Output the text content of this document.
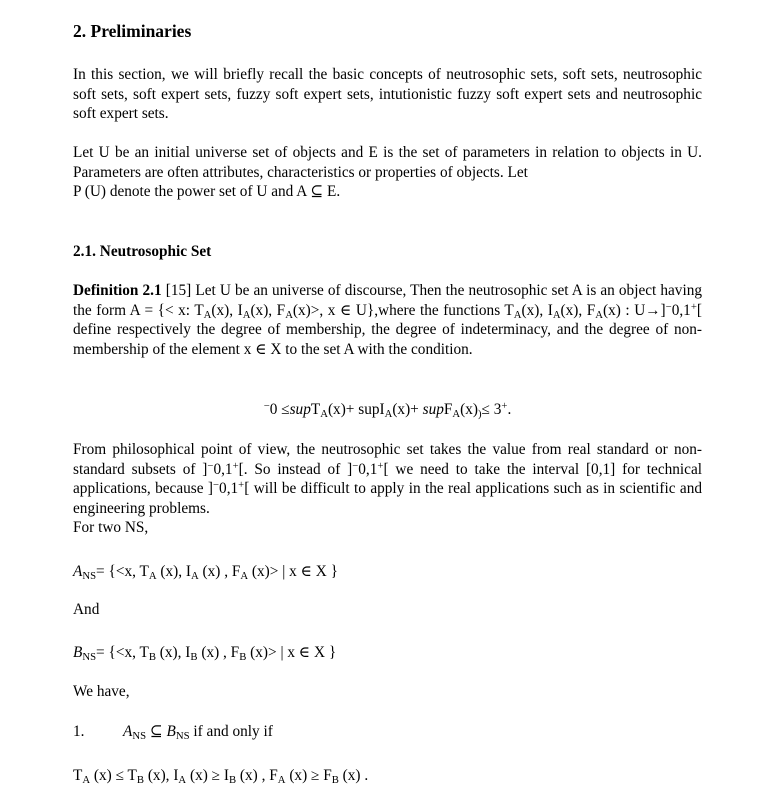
2. Preliminaries

In this section, we will briefly recall the basic concepts of neutrosophic sets, soft sets, neutrosophic soft sets, soft expert sets, fuzzy soft expert sets, intutionistic fuzzy soft expert sets and neutrosophic soft expert sets.

Let U be an initial universe set of objects and E is the set of parameters in relation to objects in U. Parameters are often attributes, characteristics or properties of objects. Let
P (U) denote the power set of U and A ⊆ E.
2.1. Neutrosophic Set
Definition 2.1 [15] Let U be an universe of discourse, Then the neutrosophic set A is an object having the form A = {< x: $T_A(x)$, $I_A(x)$, $F_A(x)>$, x ∈ U},where the functions $T_A(x)$, $I_A(x)$, $F_A(x)$ : U→]−0,1+[ define respectively the degree of membership, the degree of indeterminacy, and the degree of non-membership of the element x ∈ X to the set A with the condition.
−0 ≤supT$_A$(x)+ supI$_A$(x)+ $supF_A(x)_)\le 3^+$.

From philosophical point of view, the neutrosophic set takes the value from real standard or non-standard subsets of ]−0,1+[. So instead of ]−0,1+[ we need to take the interval [0,1] for technical applications, because ]−0,1+[ will be difficult to apply in the real applications such as in scientific and engineering problems.

For two NS,
$A_{NS}= \{<x$, $T_A$ (x), $I_A$ (x) , $F_A$ (x)> | x ∈ X }
And
$B_{NS}= \{<x$, $T_B$ (x), $I_B$ (x) , $F_B$ (x)> | x ∈ X }
We have,
1.	$A_{NS}$ ⊆ $B_{NS}$ if and only if
$T_A$ $(x) \le T_B$ (x), $I_A$ $(x) \ge I_B$ (x) , $F_A$ $(x) \ge F_B$ (x) .
